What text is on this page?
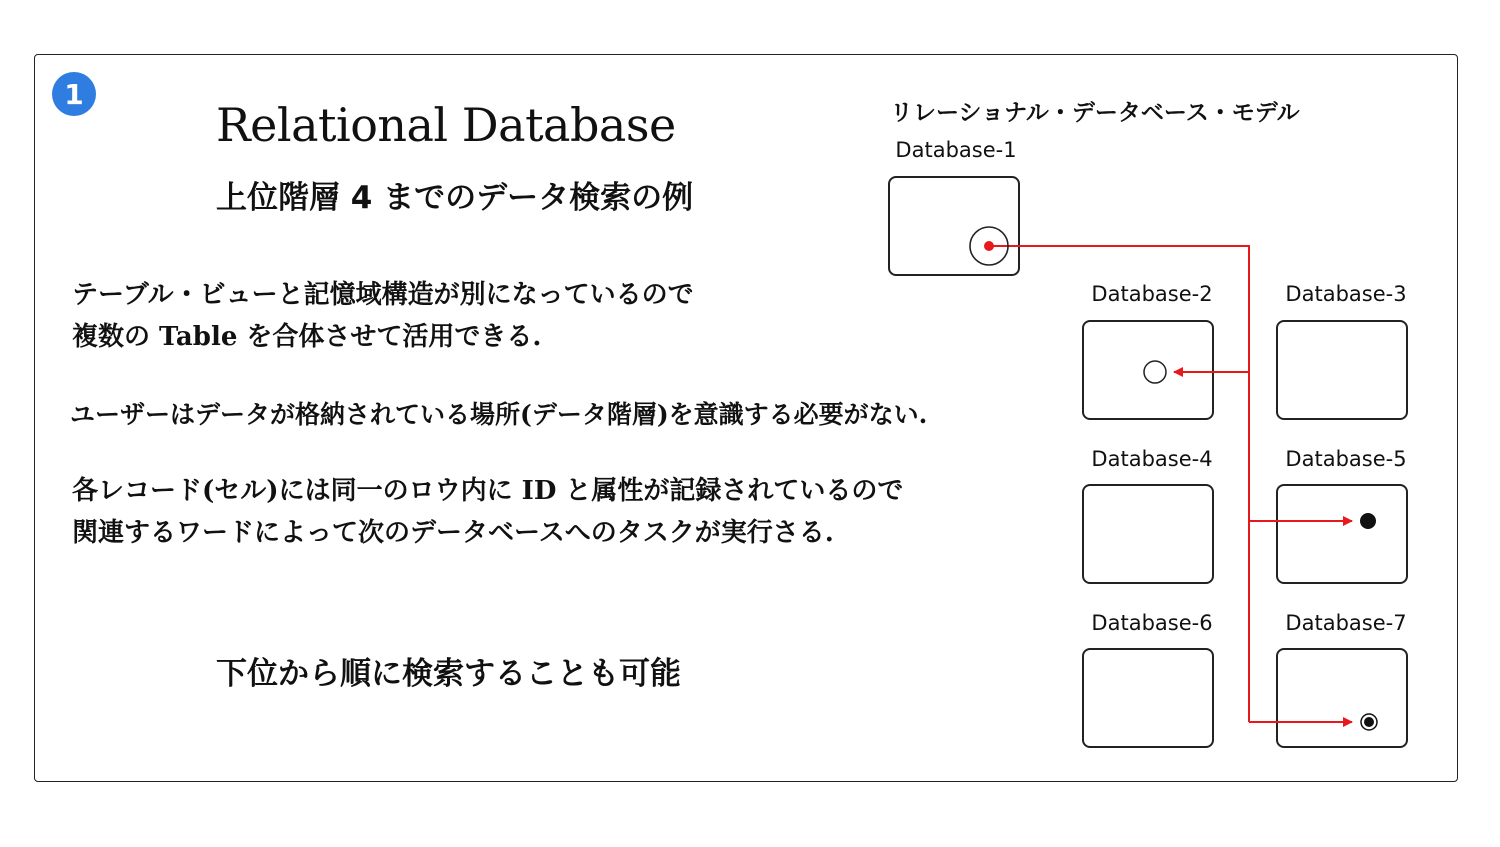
1
Relational Database
上位階層 4 までのデータ検索の例
テーブル・ビューと記憶域構造が別になっているので
複数の Table を合体させて活用できる.
ユーザーはデータが格納されている場所(データ階層)を意識する必要がない.
各レコード(セル)には同一のロウ内に ID と属性が記録されているので
関連するワードによって次のデータベースへのタスクが実行さる.
下位から順に検索することも可能
リレーショナル・データベース・モデル
Database-1
Database-2	Database-3
Database-4	Database-5
Database-6	Database-7
